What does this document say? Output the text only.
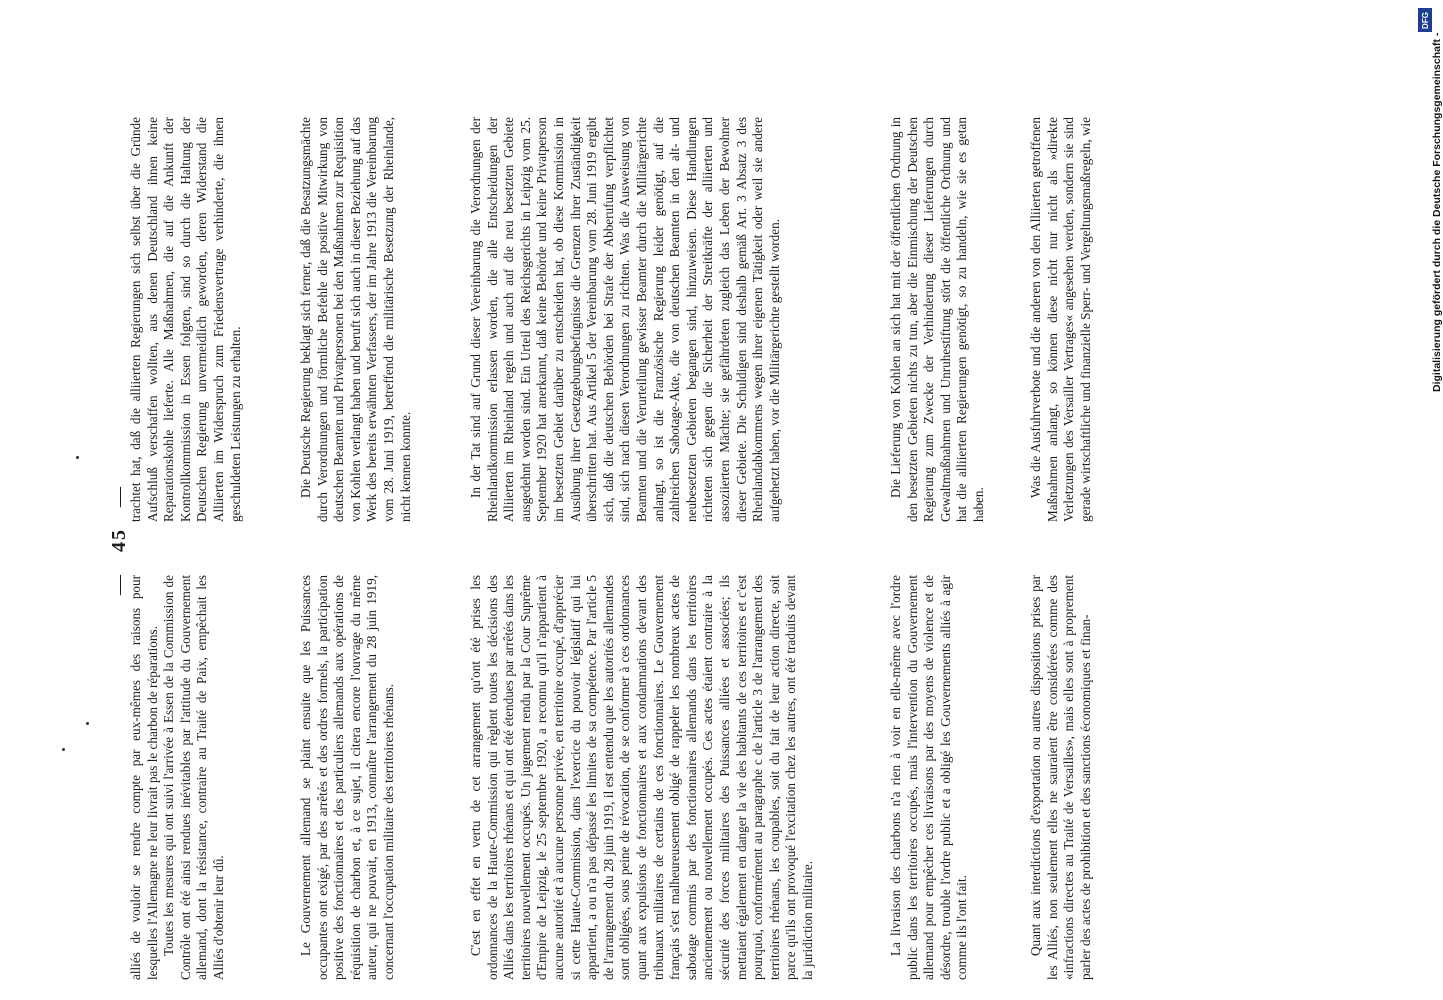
— 45 —

alliés de vouloir se rendre compte par eux-mêmes des raisons pour lesquelles l'Allemagne ne leur livrait pas le charbon de réparations. Toutes les mesures qui ont suivi l'arrivée à Essen de la Commission de Contrôle ont été ainsi rendues inévitables par l'attitude du Gouvernement allemand, dont la résistance, contraire au Traité de Paix, empêchait les Alliés d'obtenir leur dû.

trachtet hat, daß die alliierten Regierungen sich selbst über die Gründe Aufschluß verschaffen wollten, aus denen Deutschland ihnen keine Reparationskohle lieferte. Alle Maßnahmen, die auf die Ankunft der Kontrollkommission in Essen folgten, sind so durch die Haltung der Deutschen Regierung unvermeidlich geworden, deren Widerstand die Alliierten im Widerspruch zum Friedensvertrage verhinderte, die ihnen geschuldeten Leistungen zu erhalten.

Le Gouvernement allemand se plaint ensuite que les Puissances occupantes ont exigé, par des arrêtés et des ordres formels, la participation positive des fonctionnaires et des particuliers allemands aux opérations de réquisition de charbon et, à ce sujet, il citera encore l'ouvrage du même auteur, qui ne pouvait, en 1913, connaître l'arrangement du 28 juin 1919, concernant l'occupation militaire des territoires rhénans.

Die Deutsche Regierung beklagt sich ferner, daß die Besatzungsmächte durch Verordnungen und förmliche Befehle die positive Mitwirkung von deutschen Beamten und Privatpersonen bei den Maßnahmen zur Requisition von Kohlen verlangt haben und beruft sich auch in dieser Beziehung auf das Werk des bereits erwähnten Verfassers, der im Jahre 1913 die Vereinbarung vom 28. Juni 1919, betreffend die militärische Besetzung der Rheinlande, nicht kennen konnte.

C'est en effet en vertu de cet arrangement qu'ont été prises les ordonnances de la Haute-Commission qui règlent toutes les décisions des Alliés dans les territoires rhénans et qui ont été étendues par arrêtés dans les territoires nouvellement occupés. Un jugement rendu par la Cour Suprême d'Empire de Leipzig, le 25 septembre 1920, a reconnu qu'il n'appartient à aucune autorité et à aucune personne privée, en territoire occupé, d'apprécier si cette Haute-Commission, dans l'exercice du pouvoir législatif qui lui appartient, a ou n'a pas dépassé les limites de sa compétence. Par l'article 5 de l'arrangement du 28 juin 1919, il est entendu que les autorités allemandes sont obligées, sous peine de révocation, de se conformer à ces ordonnances quant aux expulsions de fonctionnaires et aux condamnations devant des tribunaux militaires de certains de ces fonctionnaires. Le Gouvernement français s'est malheureusement obligé de rappeler les nombreux actes de sabotage commis par des fonctionnaires allemands dans les territoires anciennement ou nouvellement occupés. Ces actes étaient contraire à la sécurité des forces militaires des Puissances alliées et associées; ils mettaient également en danger la vie des habitants de ces territoires et c'est pourquoi, conformément au paragraphe c de l'article 3 de l'arrangement des territoires rhénans, les coupables, soit du fait de leur action directe, soit parce qu'ils ont provoqué l'excitation chez les autres, ont été traduits devant la juridiction militaire.

In der Tat sind auf Grund dieser Vereinbarung die Verordnungen der Rheinlandkommission erlassen worden, die alle Entscheidungen der Alliierten im Rheinland regeln und auch auf die neu besetzten Gebiete ausgedehnt worden sind. Ein Urteil des Reichsgerichts in Leipzig vom 25. September 1920 hat anerkannt, daß keine Behörde und keine Privatperson im besetzten Gebiet darüber zu entscheiden hat, ob diese Kommission in Ausübung ihrer Gesetzgebungsbefugnisse die Grenzen ihrer Zuständigkeit überschritten hat. Aus Artikel 5 der Vereinbarung vom 28. Juni 1919 ergibt sich, daß die deutschen Behörden bei Strafe der Abberufung verpflichtet sind, sich nach diesen Verordnungen zu richten. Was die Ausweisung von Beamten und die Verurteilung gewisser Beamter durch die Militärgerichte anlangt, so ist die Französische Regierung leider genötigt, auf die zahlreichen Sabotage-Akte, die von deutschen Beamten in den alt- und neubesetzten Gebieten begangen sind, hinzuweisen. Diese Handlungen richteten sich gegen die Sicherheit der Streitkräfte der alliierten und assoziierten Mächte; sie gefährdeten zugleich das Leben der Bewohner dieser Gebiete. Die Schuldigen sind deshalb gemäß Art. 3 Absatz 3 des Rheinlandabkommens wegen ihrer eigenen Tätigkeit oder weil sie andere aufgehetzt haben, vor die Militärgerichte gestellt worden.

La livraison des charbons n'a rien à voir en elle-même avec l'ordre public dans les territoires occupés, mais l'intervention du Gouvernement allemand pour empêcher ces livraisons par des moyens de violence et de désordre, trouble l'ordre public et a obligé les Gouvernements alliés à agir comme ils l'ont fait.

Die Lieferung von Kohlen an sich hat mit der öffentlichen Ordnung in den besetzten Gebieten nichts zu tun, aber die Einmischung der Deutschen Regierung zum Zwecke der Verhinderung dieser Lieferungen durch Gewaltmaßnahmen und Unruhestiftung stört die öffentliche Ordnung und hat die alliierten Regierungen genötigt, so zu handeln, wie sie es getan haben.

Quant aux interdictions d'exportation ou autres dispositions prises par les Alliés, non seulement elles ne sauraient être considérées comme des «infractions directes au Traité de Versailles», mais elles sont à proprement parler des actes de prohibition et des sanctions économiques et finan-

Was die Ausfuhrverbote und die anderen von den Alliierten getroffenen Maßnahmen anlangt, so können diese nicht nur nicht als »direkte Verletzungen des Versailler Vertrages« angesehen werden, sondern sie sind gerade wirtschaftliche und finanzielle Sperr- und Vergeltungsmaßregeln, wie	Digitalisierung gefördert durch die Deutsche Forschungsgemeinschaft -
DFG
